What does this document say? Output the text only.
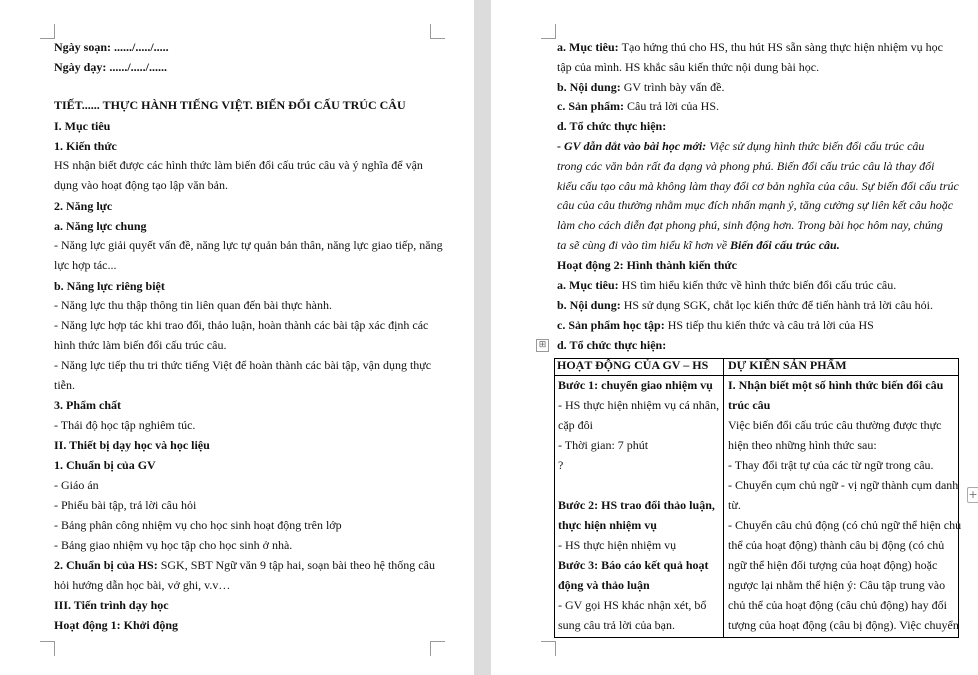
⊞
+
Ngày soạn: ....../...../.....
Ngày dạy: ....../...../......
TIẾT...... THỰC HÀNH TIẾNG VIỆT. BIẾN ĐỔI CẤU TRÚC CÂU
I. Mục tiêu
1. Kiến thức
HS nhận biết được các hình thức làm biến đổi cấu trúc câu và ý nghĩa để vận
dụng vào hoạt động tạo lập văn bản.
2. Năng lực
a. Năng lực chung
- Năng lực giải quyết vấn đề, năng lực tự quản bản thân, năng lực giao tiếp, năng
lực hợp tác...
b. Năng lực riêng biệt
- Năng lực thu thập thông tin liên quan đến bài thực hành.
- Năng lực hợp tác khi trao đổi, thảo luận, hoàn thành các bài tập xác định các
hình thức làm biến đổi cấu trúc câu.
- Năng lực tiếp thu tri thức tiếng Việt để hoàn thành các bài tập, vận dụng thực
tiễn.
3. Phẩm chất
- Thái độ học tập nghiêm túc.
II. Thiết bị dạy học và học liệu
1. Chuẩn bị của GV
- Giáo án
- Phiếu bài tập, trả lời câu hỏi
- Bảng phân công nhiệm vụ cho học sinh hoạt động trên lớp
- Bảng giao nhiệm vụ học tập cho học sinh ở nhà.
2. Chuẩn bị của HS: SGK, SBT Ngữ văn 9 tập hai, soạn bài theo hệ thống câu
hỏi hướng dẫn học bài, vở ghi, v.v…
III. Tiến trình dạy học
Hoạt động 1: Khởi động
a. Mục tiêu: Tạo hứng thú cho HS, thu hút HS sẵn sàng thực hiện nhiệm vụ học
tập của mình. HS khắc sâu kiến thức nội dung bài học.
b. Nội dung: GV trình bày vấn đề.
c. Sản phẩm: Câu trả lời của HS.
d. Tổ chức thực hiện:
- GV dẫn dắt vào bài học mới: Việc sử dụng hình thức biến đổi cấu trúc câu
trong các văn bản rất đa dạng và phong phú. Biến đổi cấu trúc câu là thay đổi
kiểu cấu tạo câu mà không làm thay đổi cơ bản nghĩa của câu. Sự biến đổi cấu trúc
câu của câu thường nhằm mục đích nhấn mạnh ý, tăng cường sự liên kết câu hoặc
làm cho cách diễn đạt phong phú, sinh động hơn. Trong bài học hôm nay, chúng
ta sẽ cùng đi vào tìm hiểu kĩ hơn về Biến đổi cấu trúc câu.
Hoạt động 2: Hình thành kiến thức
a. Mục tiêu: HS tìm hiểu kiến thức về hình thức biến đổi cấu trúc câu.
b. Nội dung: HS sử dụng SGK, chắt lọc kiến thức để tiến hành trả lời câu hỏi.
c. Sản phẩm học tập: HS tiếp thu kiến thức và câu trả lời của HS
d. Tổ chức thực hiện:
HOẠT ĐỘNG CỦA GV – HS DỰ KIẾN SẢN PHẨM
Bước 1: chuyển giao nhiệm vụ
- HS thực hiện nhiệm vụ cá nhân,
cặp đôi
- Thời gian: 7 phút
?
Bước 2: HS trao đổi thảo luận,
thực hiện nhiệm vụ
- HS thực hiện nhiệm vụ
Bước 3: Báo cáo kết quả hoạt
động và thảo luận
- GV gọi HS khác nhận xét, bổ
sung câu trả lời của bạn.
I. Nhận biết một số hình thức biến đổi câu
trúc câu
Việc biến đổi cấu trúc câu thường được thực
hiện theo những hình thức sau:
- Thay đổi trật tự của các từ ngữ trong câu.
- Chuyển cụm chủ ngữ - vị ngữ thành cụm danh
từ.
- Chuyển câu chủ động (có chủ ngữ thể hiện chủ
thể của hoạt động) thành câu bị động (có chủ
ngữ thể hiện đối tượng của hoạt động) hoặc
ngược lại nhằm thể hiện ý: Câu tập trung vào
chủ thể của hoạt động (câu chủ động) hay đối
tượng của hoạt động (câu bị động). Việc chuyển
